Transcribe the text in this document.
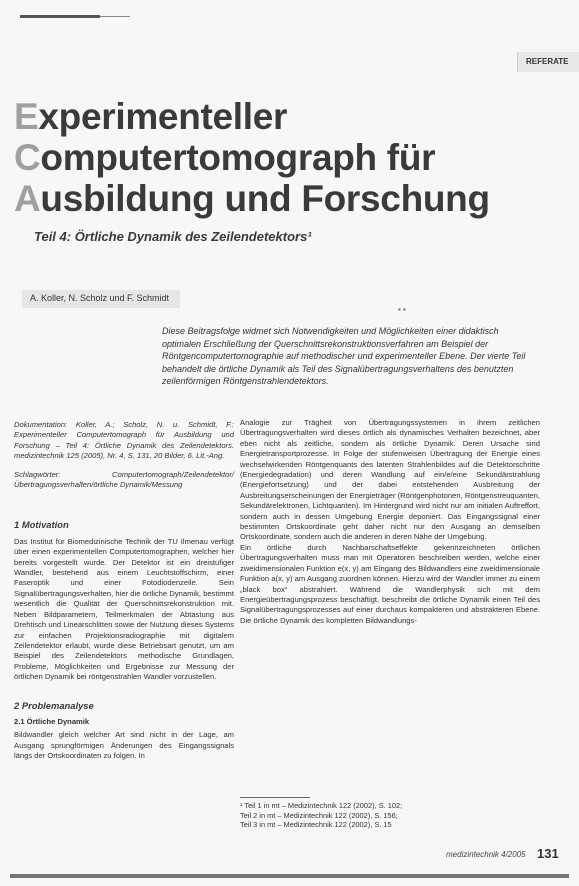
REFERATE
Experimenteller
Computertomograph für
Ausbildung und Forschung
Teil 4: Örtliche Dynamik des Zeilendetektors¹
A. Koller, N. Scholz und F. Schmidt
▪ ▪
Diese Beitragsfolge widmet sich Notwendigkeiten und Möglichkeiten einer didaktisch optimalen Erschließung der Querschnittsrekonstruktionsverfahren am Beispiel der Röntgencomputertomographie auf methodischer und experimenteller Ebene. Der vierte Teil behandelt die örtliche Dynamik als Teil des Signalübertragungsverhaltens des benutzten zeilenförmigen Röntgenstrahlendetektors.

Dokumentation: Koller, A.; Scholz, N. u. Schmidt, F.: Experimenteller Computertomograph für Ausbildung und Forschung – Teil 4: Örtliche Dynamik des Zeilendetektors. medizintechnik 125 (2005), Nr. 4, S. 131, 20 Bilder, 6. Lit.-Ang.

Schlagwörter: Computertomograph/Zeilendetektor/Übertragungsverhalten/örtliche Dynamik/Messung

1 Motivation

Das Institut für Biomedizinische Technik der TU Ilmenau verfügt über einen experimentellen Computertomographen, welcher hier bereits vorgestellt wurde. Der Detektor ist ein dreistufiger Wandler, bestehend aus einem Leuchtstoffschirm, einer Faseroptik und einer Fotodiodenzeile. Sein Signalübertragungsverhalten, hier die örtliche Dynamik, bestimmt wesentlich die Qualität der Querschnittsrekonstruktion mit. Neben Bildparametern, Teilmerkmalen der Abtastung aus Drehtisch und Linearschlitten sowie der Nutzung dieses Systems zur einfachen Projektionsradiographie mit digitalem Zeilendetektor erlaubt, wurde diese Betriebsart genutzt, um am Beispiel des Zeilendetektors methodische Grundlagen, Probleme, Möglichkeiten und Ergebnisse zur Messung der örtlichen Dynamik bei röntgenstrahlen Wandler vorzustellen.

2 Problemanalyse

2.1 Örtliche Dynamik

Bildwandler gleich welcher Art sind nicht in der Lage, am Ausgang sprungförmigen Änderungen des Eingangssignals längs der Ortskoordinaten zu folgen. In

Analogie zur Trägheit von Übertragungssystemen in ihrem zeitlichen Übertragungsverhalten wird dieses örtlich als dynamisches Verhalten bezeichnet, aber eben nicht als zeitliche, sondern als örtliche Dynamik. Deren Ursache sind Energietransportprozesse. In Folge der stufenweisen Übertragung der Energie eines wechselwirkenden Röntgenquants des latenten Strahlenbildes auf die Detektorschritte (Energiedegradation) und deren Wandlung auf ein/e/eine Sekundärstrahlung (Energiefortsetzung) und der dabei entstehenden Ausbreitung der Ausbreitungserscheinungen der Energieträger (Röntgenphotonen, Röntgenstreuquanten, Sekundärelektronen, Lichtquanten). Im Hintergrund wird nicht nur am initialen Auftreffort, sondern auch in dessen Umgebung Energie deponiert. Das Eingangssignal einer bestimmten Ortskoordinate geht daher nicht nur den Ausgang an demselben Ortskoordinate, sondern auch die anderen in deren Nähe der Umgebung.

Ein örtliche durch Nachbarschaftseffekte gekennzeichneten örtlichen Übertragungsverhalten muss man mit Operatoren beschreiben werden, welche einer zweidimensionalen Funktion e(x, y) am Eingang des Bildwandlers eine zweidimensionale Funktion a(x, y) am Ausgang zuordnen können. Hierzu wird der Wandler immer zu einem „black box“ abstrahiert. Während die Wandlerphysik sich mit dem Energieübertragungsprozess beschäftigt, beschreibt die örtliche Dynamik einen Teil des Signalübertragungsprozesses auf einer durchaus kompakteren und abstrakteren Ebene. Die örtliche Dynamik des kompletten Bildwandlungs-

¹ Teil 1 in mt – Medizintechnik 122 (2002), S. 102;
Teil 2 in mt – Medizintechnik 122 (2002), S. 156;
Teil 3 in mt – Medizintechnik 122 (2002), S. 15
medizintechnik 4/2005 131
